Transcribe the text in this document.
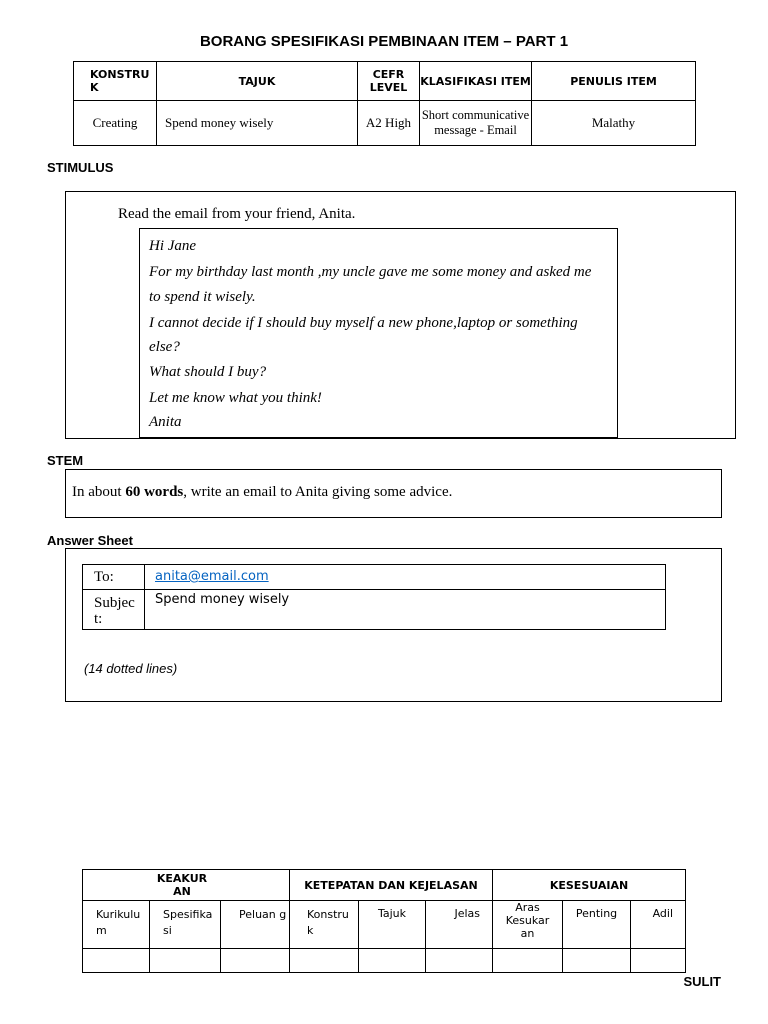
BORANG SPESIFIKASI PEMBINAAN ITEM – PART 1
KONSTRU K	TAJUK	CEFR LEVEL	KLASIFIKASI ITEM	PENULIS ITEM
Creating	Spend money wisely	A2 High	Short communicative message - Email	Malathy
STIMULUS
Read the email from your friend, Anita.
Hi Jane
For my birthday last month ,my uncle gave me some money and asked me
to spend it wisely.
I cannot decide if I should buy myself a new phone,laptop or something
else?
What should I buy?
Let me know what you think!
Anita
STEM
In about 60 words, write an email to Anita giving some advice.
Answer Sheet
To:	anita@email.com
Subjec t:	Spend money wisely
(14 dotted lines)
KEAKUR AN			KETEPATAN DAN KEJELASAN			KESESUAIAN		
Kurikulu m	Spesifika si	Peluan g	Konstru k	Tajuk	Jelas	Aras Kesukar an	Penting	Adil

SULIT
